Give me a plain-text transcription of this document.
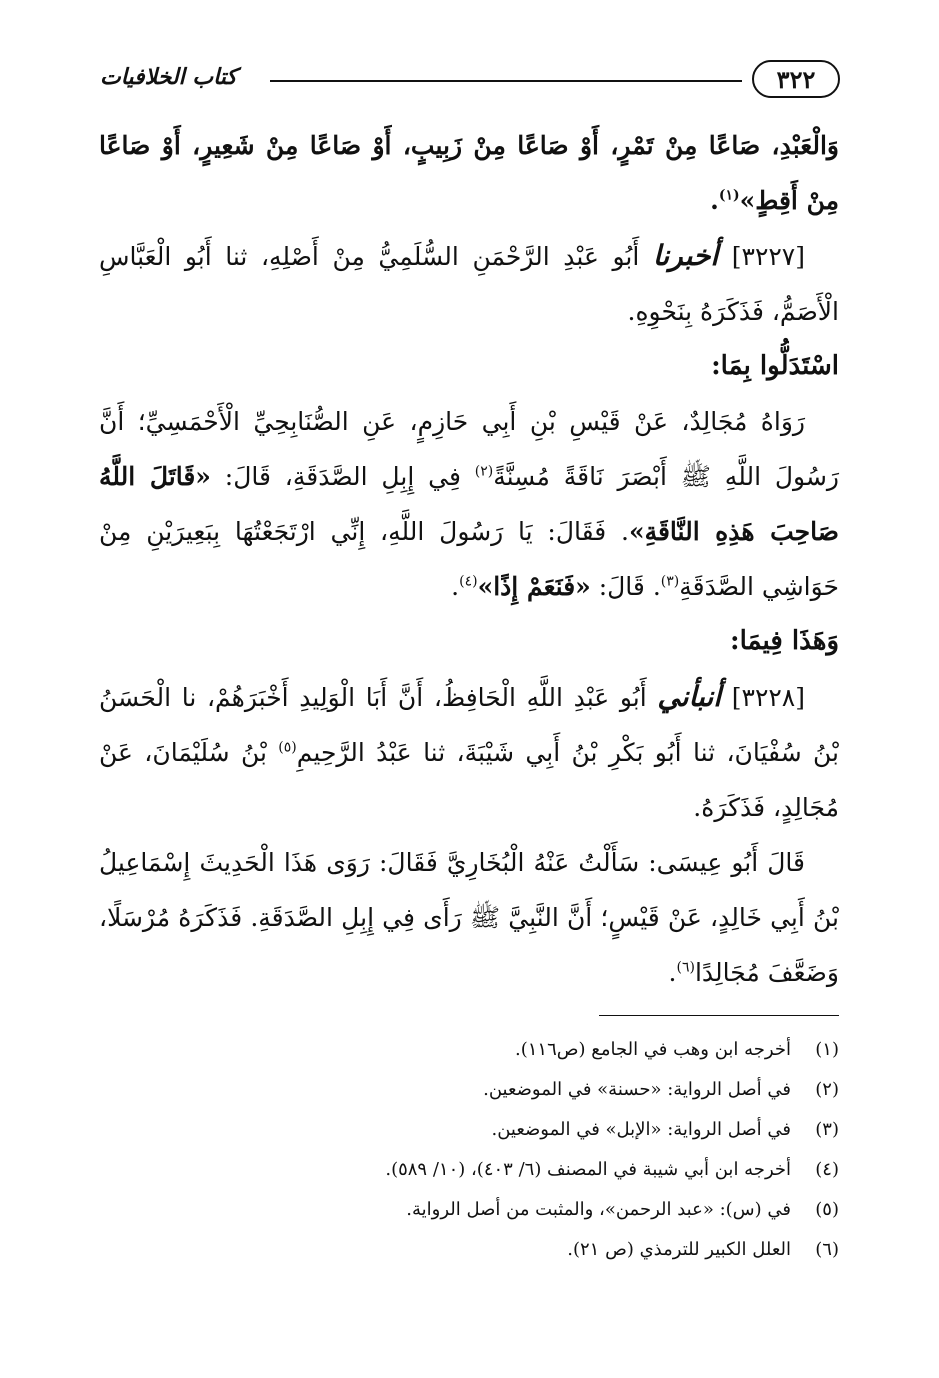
٣٢٢
كتاب الخلافيات

وَالْعَبْدِ، صَاعًا مِنْ تَمْرٍ، أَوْ صَاعًا مِنْ زَبِيبٍ، أَوْ صَاعًا مِنْ شَعِيرٍ، أَوْ صَاعًا مِنْ أَقِطٍ»$^{(١)}$.

[٣٢٢٧] أخبرنا أَبُو عَبْدِ الرَّحْمَنِ السُّلَمِيُّ مِنْ أَصْلِهِ، ثنا أَبُو الْعَبَّاسِ الْأَصَمُّ، فَذَكَرَهُ بِنَحْوِهِ.

اسْتَدَلُّوا بِمَا:

رَوَاهُ مُجَالِدٌ، عَنْ قَيْسِ بْنِ أَبِي حَازِمٍ، عَنِ الصُّنَابِحِيِّ الْأَحْمَسِيِّ؛ أَنَّ رَسُولَ اللَّهِ ﷺ أَبْصَرَ نَاقَةً مُسِنَّةً$^{(٢)}$ فِي إِبِلِ الصَّدَقَةِ، قَالَ: «قَاتَلَ اللَّهُ صَاحِبَ هَذِهِ النَّاقَةِ». فَقَالَ: يَا رَسُولَ اللَّهِ، إِنِّي ارْتَجَعْتُهَا بِبَعِيرَيْنِ مِنْ حَوَاشِي الصَّدَقَةِ$^{(٣)}$. قَالَ: «فَنَعَمْ إِذًا»$^{(٤)}$.

وَهَذَا فِيمَا:

[٣٢٢٨] أنبأني أَبُو عَبْدِ اللَّهِ الْحَافِظُ، أَنَّ أَبَا الْوَلِيدِ أَخْبَرَهُمْ، نا الْحَسَنُ بْنُ سُفْيَانَ، ثنا أَبُو بَكْرِ بْنُ أَبِي شَيْبَةَ، ثنا عَبْدُ الرَّحِيمِ$^{(٥)}$ بْنُ سُلَيْمَانَ، عَنْ مُجَالِدٍ، فَذَكَرَهُ.

قَالَ أَبُو عِيسَى: سَأَلْتُ عَنْهُ الْبُخَارِيَّ فَقَالَ: رَوَى هَذَا الْحَدِيثَ إِسْمَاعِيلُ بْنُ أَبِي خَالِدٍ، عَنْ قَيْسٍ؛ أَنَّ النَّبِيَّ ﷺ رَأَى فِي إِبِلِ الصَّدَقَةِ. فَذَكَرَهُ مُرْسَلًا، وَضَعَّفَ مُجَالِدًا$^{(٦)}$.

(١)
أخرجه ابن وهب في الجامع (ص١١٦).
(٢)
في أصل الرواية: «حسنة» في الموضعين.
(٣)
في أصل الرواية: «الإبل» في الموضعين.
(٤)
أخرجه ابن أبي شيبة في المصنف (٦/ ٤٠٣)، (١٠/ ٥٨٩).
(٥)
في (س): «عبد الرحمن»، والمثبت من أصل الرواية.
(٦)
العلل الكبير للترمذي (ص ٢١).
